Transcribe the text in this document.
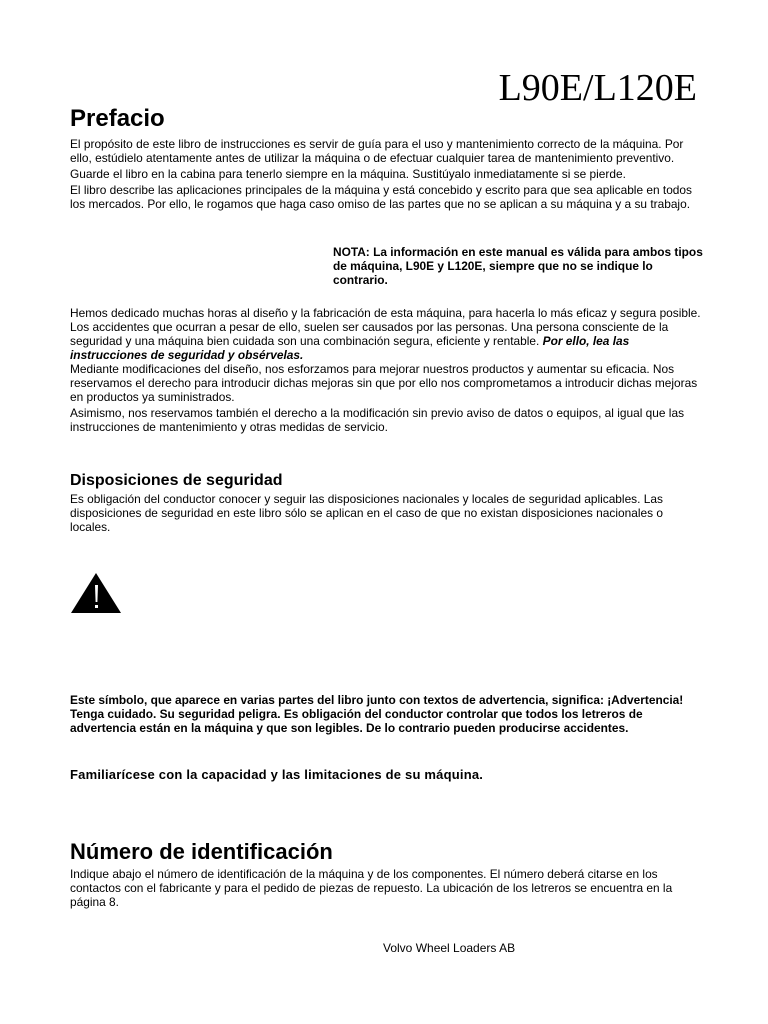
L90E/L120E
Prefacio

El propósito de este libro de instrucciones es servir de guía para el uso y mantenimiento correcto de la máquina. Por ello, estúdielo atentamente antes de utilizar la máquina o de efectuar cualquier tarea de mantenimiento preventivo.

Guarde el libro en la cabina para tenerlo siempre en la máquina. Sustitúyalo inmediatamente si se pierde.

El libro describe las aplicaciones principales de la máquina y está concebido y escrito para que sea aplicable en todos los mercados. Por ello, le rogamos que haga caso omiso de las partes que no se aplican a su máquina y a su trabajo.

NOTA: La información en este manual es válida para ambos tipos de máquina, L90E y L120E, siempre que no se indique lo contrario.

Hemos dedicado muchas horas al diseño y la fabricación de esta máquina, para hacerla lo más eficaz y segura posible. Los accidentes que ocurran a pesar de ello, suelen ser causados por las personas. Una persona consciente de la seguridad y una máquina bien cuidada son una combinación segura, eficiente y rentable. Por ello, lea las instrucciones de seguridad y obsérvelas.

Mediante modificaciones del diseño, nos esforzamos para mejorar nuestros productos y aumentar su eficacia. Nos reservamos el derecho para introducir dichas mejoras sin que por ello nos comprometamos a introducir dichas mejoras en productos ya suministrados.

Asimismo, nos reservamos también el derecho a la modificación sin previo aviso de datos o equipos, al igual que las instrucciones de mantenimiento y otras medidas de servicio.

Disposiciones de seguridad

Es obligación del conductor conocer y seguir las disposiciones nacionales y locales de seguridad aplicables. Las disposiciones de seguridad en este libro sólo se aplican en el caso de que no existan disposiciones nacionales o locales.

Este símbolo, que aparece en varias partes del libro junto con textos de advertencia, significa: ¡Advertencia! Tenga cuidado. Su seguridad peligra. Es obligación del conductor controlar que todos los letreros de advertencia están en la máquina y que son legibles. De lo contrario pueden producirse accidentes.
Familiarícese con la capacidad y las limitaciones de su máquina.
Número de identificación

Indique abajo el número de identificación de la máquina y de los componentes. El número deberá citarse en los contactos con el fabricante y para el pedido de piezas de repuesto. La ubicación de los letreros se encuentra en la página 8.

Volvo Wheel Loaders AB
